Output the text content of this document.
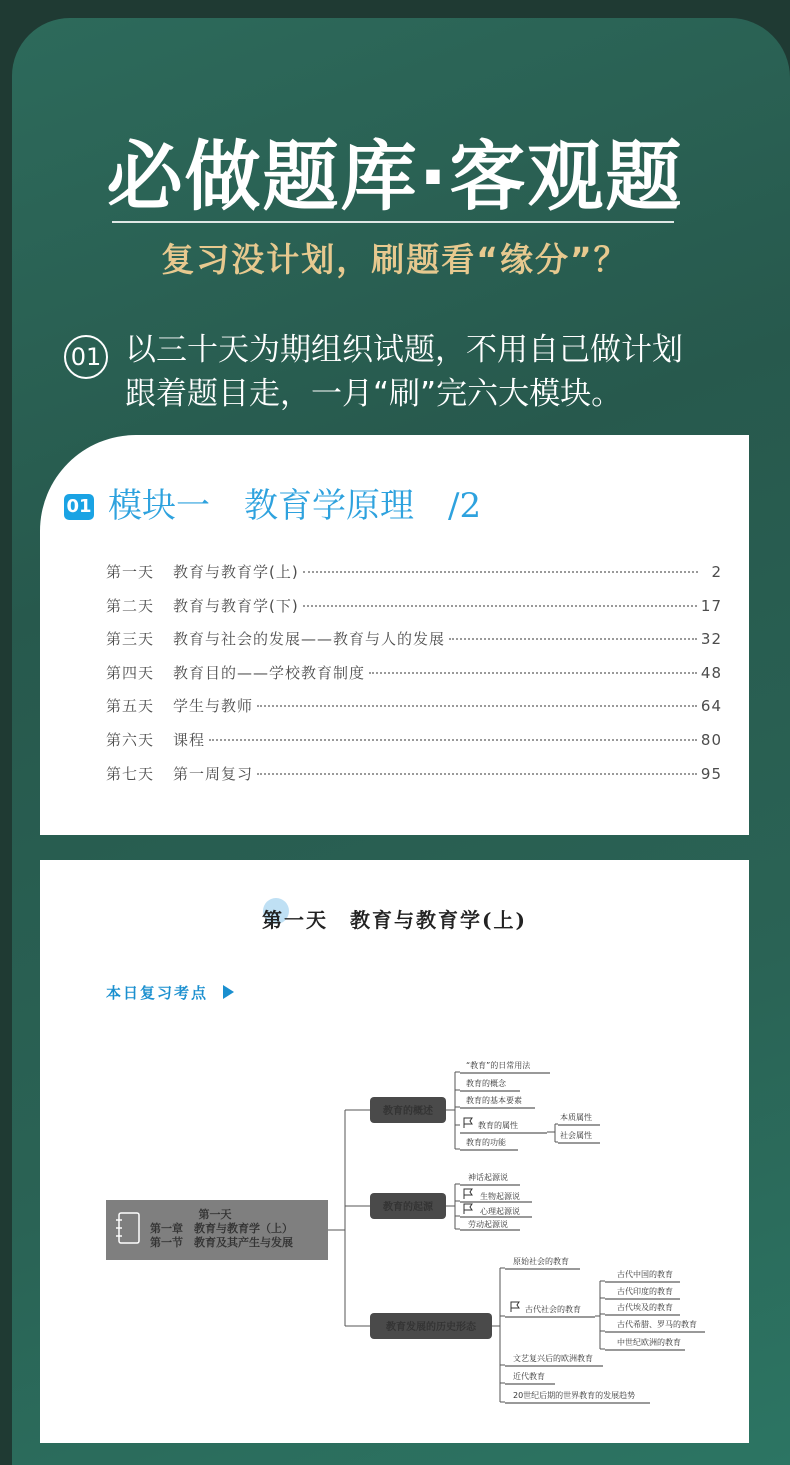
必做题库·客观题
复习没计划，刷题看“缘分”？
01 以三十天为期组织试题，不用自己做计划
跟着题目走，一月“刷”完六大模块。
01 模块一　教育学原理　/2
第一天	教育与教育学(上)	2
第二天	教育与教育学(下)	17
第三天	教育与社会的发展——教育与人的发展	32
第四天	教育目的——学校教育制度	48
第五天	学生与教师	64
第六天	课程	80
第七天	第一周复习	95
第一天　教育与教育学(上)
本日复习考点
第一天
第一章　教育与教育学（上）
第一节　教育及其产生与发展
教育的概述
教育的起源
教育发展的历史形态
“教育”的日常用法
教育的概念
教育的基本要素
教育的属性
教育的功能
本质属性
社会属性
神话起源说
生物起源说
心理起源说
劳动起源说
原始社会的教育
古代社会的教育
文艺复兴后的欧洲教育
近代教育
20世纪后期的世界教育的发展趋势
古代中国的教育
古代印度的教育
古代埃及的教育
古代希腊、罗马的教育
中世纪欧洲的教育
